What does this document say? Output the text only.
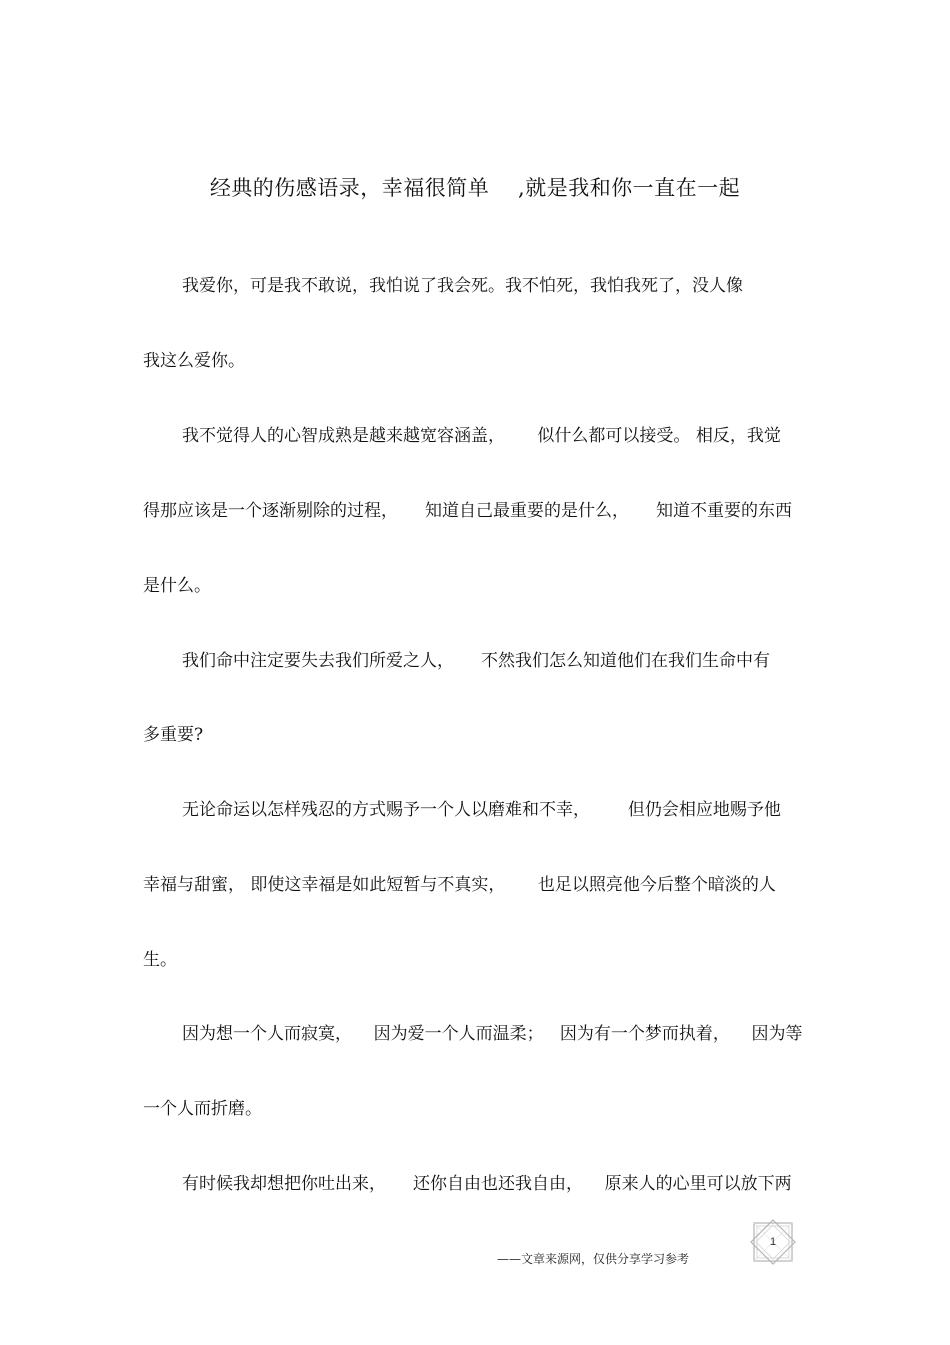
经典的伤感语录，幸福很简单    ,就是我和你一直在一起
我爱你，可是我不敢说，我怕说了我会死。我不怕死，我怕我死了，没人像
我这么爱你。
我不觉得人的心智成熟是越来越宽容涵盖，      似什么都可以接受。 相反，我觉
得那应该是一个逐渐剔除的过程，     知道自己最重要的是什么，     知道不重要的东西
是什么。
我们命中注定要失去我们所爱之人，     不然我们怎么知道他们在我们生命中有
多重要?
无论命运以怎样残忍的方式赐予一个人以磨难和不幸，       但仍会相应地赐予他
幸福与甜蜜， 即使这幸福是如此短暂与不真实，      也足以照亮他今后整个暗淡的人
生。
因为想一个人而寂寞，    因为爱一个人而温柔；   因为有一个梦而执着，    因为等
一个人而折磨。
有时候我却想把你吐出来，     还你自由也还我自由，    原来人的心里可以放下两
1
——文章来源网，仅供分享学习参考
